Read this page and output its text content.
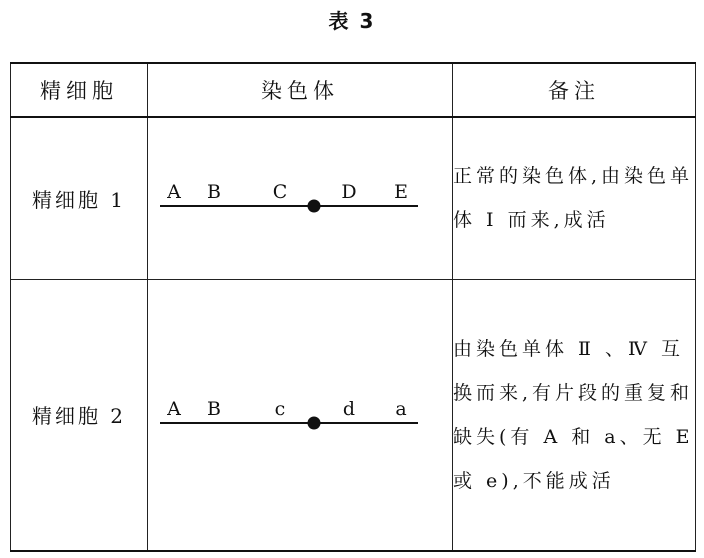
表 3
精细胞	染色体	备注
精细胞 1	A B C D E	正常的染色体,由染色单体 Ⅰ 而来,成活
精细胞 2	A B c d a	由染色单体 Ⅱ 、Ⅳ 互换而来,有片段的重复和缺失(有 A 和 a、无 E 或 e),不能成活
